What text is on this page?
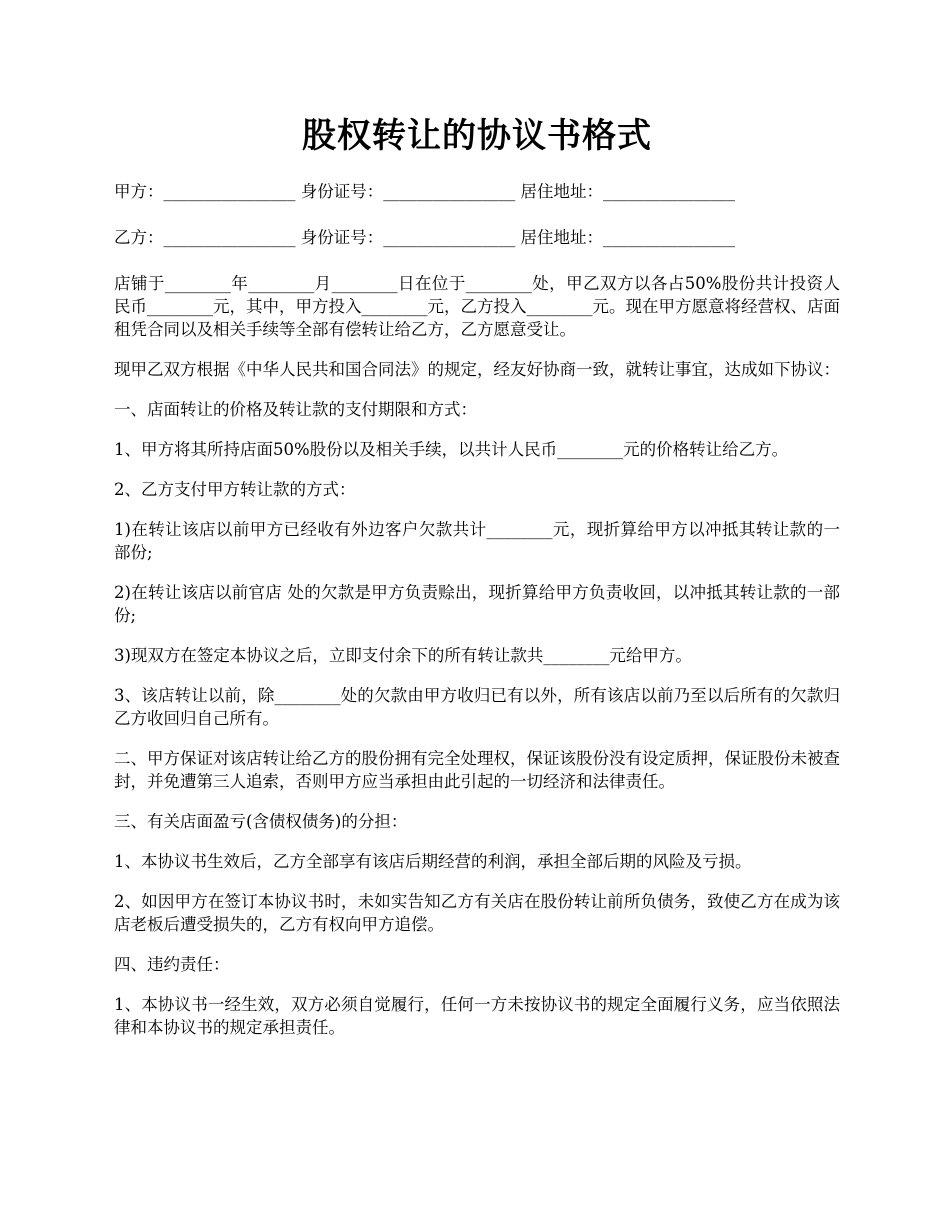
股权转让的协议书格式
甲方：________________ 身份证号：________________ 居住地址：________________
乙方：________________ 身份证号：________________ 居住地址：________________
店铺于________年________月________日在位于________处，甲乙双方以各占50%股份共计投资人民币________元，其中，甲方投入________元，乙方投入________元。现在甲方愿意将经营权、店面租凭合同以及相关手续等全部有偿转让给乙方，乙方愿意受让。
现甲乙双方根据《中华人民共和国合同法》的规定，经友好协商一致，就转让事宜，达成如下协议：
一、店面转让的价格及转让款的支付期限和方式：
1、甲方将其所持店面50%股份以及相关手续，以共计人民币________元的价格转让给乙方。
2、乙方支付甲方转让款的方式：
1)在转让该店以前甲方已经收有外边客户欠款共计________元，现折算给甲方以冲抵其转让款的一部份;
2)在转让该店以前官店 处的欠款是甲方负责赊出，现折算给甲方负责收回，以冲抵其转让款的一部份;
3)现双方在签定本协议之后，立即支付余下的所有转让款共________元给甲方。
3、该店转让以前，除________处的欠款由甲方收归已有以外，所有该店以前乃至以后所有的欠款归乙方收回归自己所有。
二、甲方保证对该店转让给乙方的股份拥有完全处理权，保证该股份没有设定质押，保证股份未被查封，并免遭第三人追索，否则甲方应当承担由此引起的一切经济和法律责任。
三、有关店面盈亏(含债权债务)的分担：
1、本协议书生效后，乙方全部享有该店后期经营的利润，承担全部后期的风险及亏损。
2、如因甲方在签订本协议书时，未如实告知乙方有关店在股份转让前所负债务，致使乙方在成为该店老板后遭受损失的，乙方有权向甲方追偿。
四、违约责任：
1、本协议书一经生效，双方必须自觉履行，任何一方未按协议书的规定全面履行义务，应当依照法律和本协议书的规定承担责任。
